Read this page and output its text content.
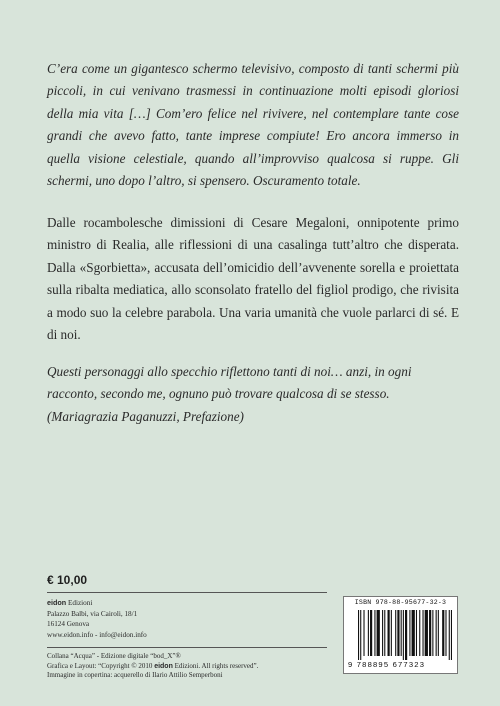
C’era come un gigantesco schermo televisivo, composto di tanti schermi più piccoli, in cui venivano trasmessi in continuazione molti episodi gloriosi della mia vita […] Com’ero felice nel rivivere, nel contemplare tante cose grandi che avevo fatto, tante imprese compiute! Ero ancora immerso in quella visione celestiale, quando all’improvviso qualcosa si ruppe. Gli schermi, uno dopo l’altro, si spensero. Oscuramento totale.

Dalle rocambolesche dimissioni di Cesare Megaloni, onnipotente primo ministro di Realia, alle riflessioni di una casalinga tutt’altro che disperata. Dalla «Sgorbietta», accusata dell’omicidio dell’avvenente sorella e proiettata sulla ribalta mediatica, allo sconsolato fratello del figliol prodigo, che rivisita a modo suo la celebre parabola. Una varia umanità che vuole parlarci di sé. E di noi.

Questi personaggi allo specchio riflettono tanti di noi… anzi, in ogni racconto, secondo me, ognuno può trovare qualcosa di se stesso.
(Mariagrazia Paganuzzi, Prefazione)
€ 10,00
eidon Edizioni
Palazzo Balbi, via Cairoli, 18/1
16124 Genova
www.eidon.info - info@eidon.info
Collana “Acqua” - Edizione digitale “bod_X”®
Grafica e Layout: “Copyright © 2010 eidon Edizioni. All rights reserved”.
Immagine in copertina: acquerello di Ilario Attilio Semperboni
ISBN 978-88-95677-32-3
9 788895 677323
